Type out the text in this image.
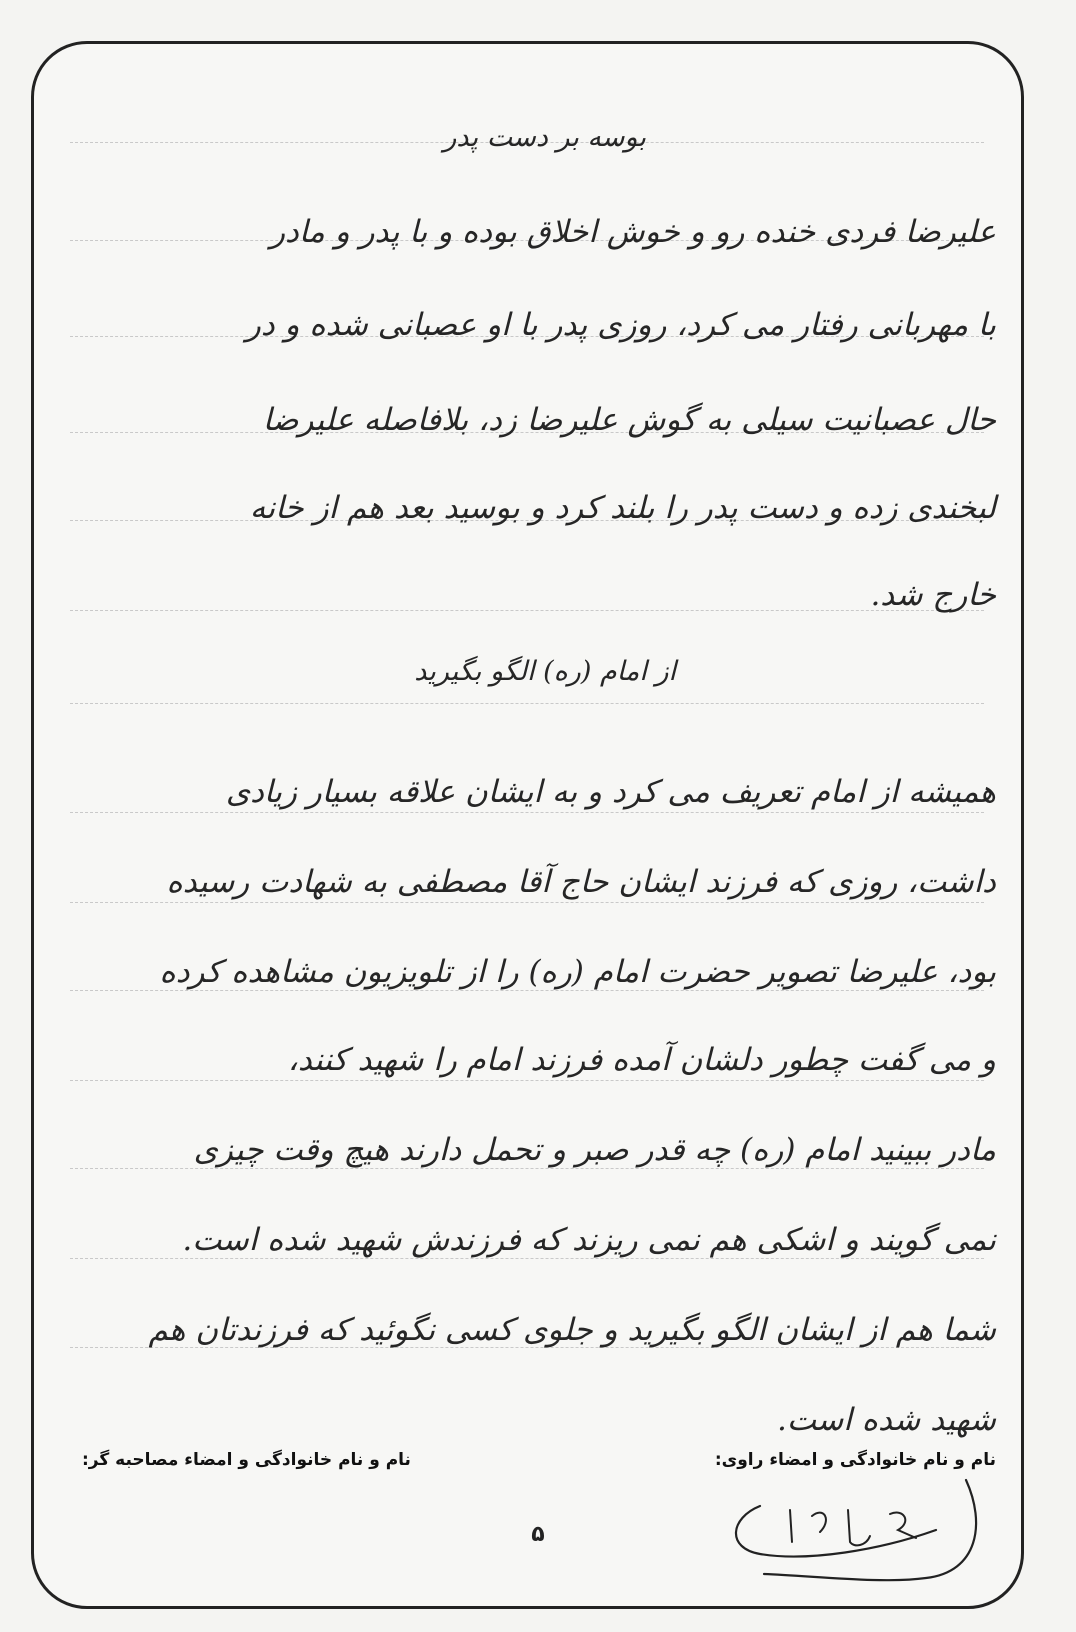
بوسه بر دست پدر
علیرضا فردی خنده رو و خوش اخلاق بوده و با پدر و مادر
با مهربانی رفتار می کرد، روزی پدر با او عصبانی شده و در
حال عصبانیت سیلی به گوش علیرضا زد، بلافاصله علیرضا
لبخندی زده و دست پدر را بلند کرد و بوسید بعد هم از خانه
خارج شد.
از امام (ره) الگو بگیرید
همیشه از امام تعریف می کرد و به ایشان علاقه بسیار زیادی
داشت، روزی که فرزند ایشان حاج آقا مصطفی به شهادت رسیده
بود، علیرضا تصویر حضرت امام (ره) را از تلویزیون مشاهده کرده
و می گفت چطور دلشان آمده فرزند امام را شهید کنند،
مادر ببینید امام (ره) چه قدر صبر و تحمل دارند هیچ وقت چیزی
نمی گویند و اشکی هم نمی ریزند که فرزندش شهید شده است.
شما هم از ایشان الگو بگیرید و جلوی کسی نگوئید که فرزندتان هم
شهید شده است.
نام و نام خانوادگی و امضاء راوی:
نام و نام خانوادگی و امضاء مصاحبه گر:
۵
